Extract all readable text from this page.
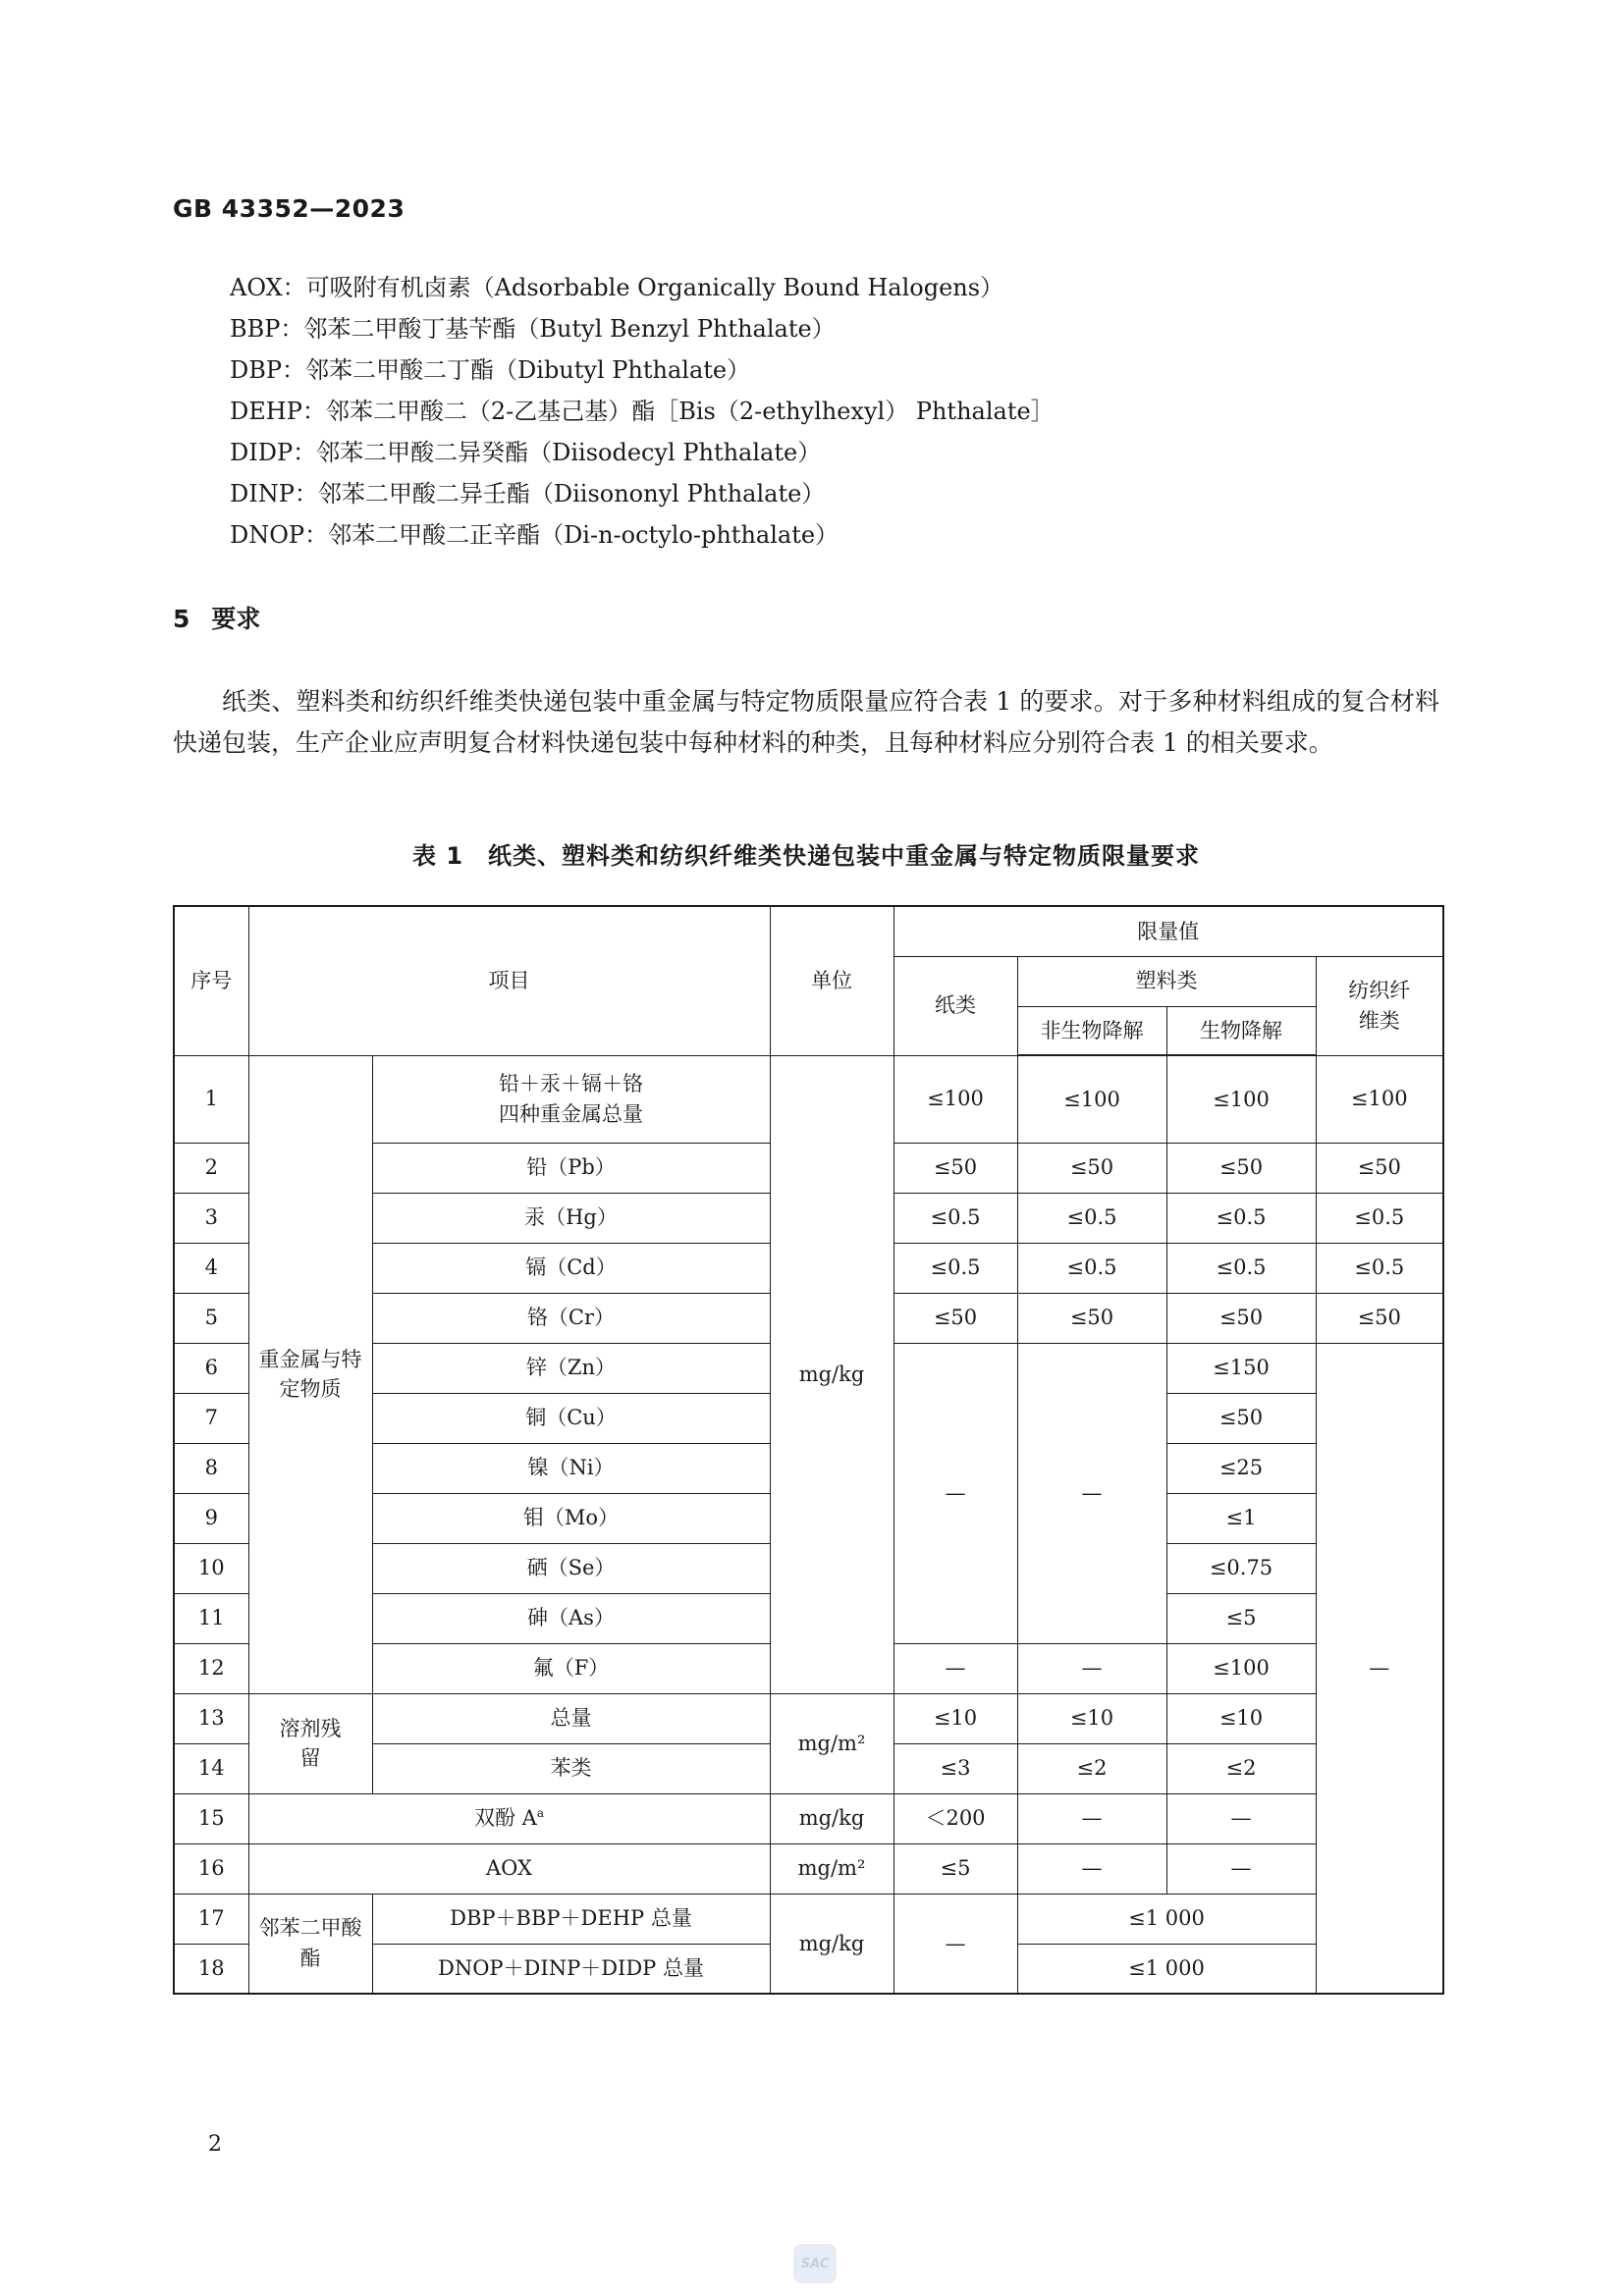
GB 43352—2023
AOX：可吸附有机卤素（Adsorbable Organically Bound Halogens）
BBP：邻苯二甲酸丁基苄酯（Butyl Benzyl Phthalate）
DBP：邻苯二甲酸二丁酯（Dibutyl Phthalate）
DEHP：邻苯二甲酸二（2-乙基己基）酯［Bis（2-ethylhexyl） Phthalate］
DIDP：邻苯二甲酸二异癸酯（Diisodecyl Phthalate）
DINP：邻苯二甲酸二异壬酯（Diisononyl Phthalate）
DNOP：邻苯二甲酸二正辛酯（Di-n-octylo-phthalate）
5 要求

纸类、塑料类和纺织纤维类快递包装中重金属与特定物质限量应符合表 1 的要求。对于多种材料组成的复合材料快递包装，生产企业应声明复合材料快递包装中每种材料的种类，且每种材料应分别符合表 1 的相关要求。

表 1　纸类、塑料类和纺织纤维类快递包装中重金属与特定物质限量要求
序号	项目		单位	限量值			
				纸类	塑料类		纺织纤维类
					非生物降解	生物降解	
1	重金属与特定物质	铅＋汞＋镉＋铬
四种重金属总量	mg/kg	≤100	≤100	≤100	≤100
2		铅（Pb）		≤50	≤50	≤50	≤50
3		汞（Hg）		≤0.5	≤0.5	≤0.5	≤0.5
4		镉（Cd）		≤0.5	≤0.5	≤0.5	≤0.5
5		铬（Cr）		≤50	≤50	≤50	≤50
6		锌（Zn）		—	—	≤150	—
7		铜（Cu）				≤50	
8		镍（Ni）				≤25	
9		钼（Mo）				≤1	
10		硒（Se）				≤0.75	
11		砷（As）				≤5	
12		氟（F）		—	—	≤100	
13	溶剂残留	总量	mg/m²	≤10	≤10	≤10	
14		苯类		≤3	≤2	≤2	
15	双酚 $A^a$		mg/kg	＜200	—	—	
16	AOX		mg/m²	≤5	—	—	
17	邻苯二甲酸酯	DBP＋BBP＋DEHP 总量	mg/kg	—	≤1 000		
18		DNOP＋DINP＋DIDP 总量			≤1 000		
2
SAC
